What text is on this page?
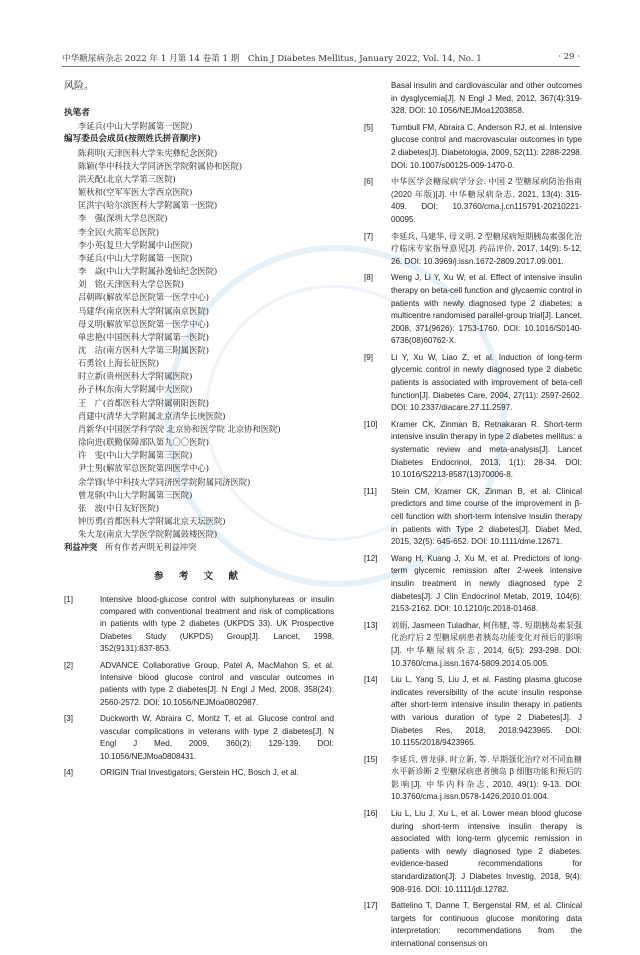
中华糖尿病杂志 2022 年 1 月第 14 卷第 1 期　Chin J Diabetes Mellitus, January 2022, Vol. 14, No. 1	· 29 ·
风险。
执笔者
李延兵(中山大学附属第一医院)
编写委员会成员(按照姓氏拼音顺序)
陈莉明(天津医科大学朱宪彝纪念医院)
陈颖(华中科技大学同济医学院附属协和医院)
洪天配(北京大学第三医院)
姬秋和(空军军医大学西京医院)
匡洪宇(哈尔滨医科大学附属第一医院)
李　强(深圳大学总医院)
李全民(火箭军总医院)
李小英(复旦大学附属中山医院)
李延兵(中山大学附属第一医院)
李　焱(中山大学附属孙逸仙纪念医院)
刘　铭(天津医科大学总医院)
吕朝晖(解放军总医院第一医学中心)
马建华(南京医科大学附属南京医院)
母义明(解放军总医院第一医学中心)
单忠艳(中国医科大学附属第一医院)
沈　洁(南方医科大学第三附属医院)
石勇铨(上海长征医院)
时立新(贵州医科大学附属医院)
孙子林(东南大学附属中大医院)
王　广(首都医科大学附属朝阳医院)
肖建中(清华大学附属北京清华长庚医院)
肖新华(中国医学科学院 北京协和医学院 北京协和医院)
徐向进(联勤保障部队第九〇〇医院)
许　雯(中山大学附属第三医院)
尹士男(解放军总医院第四医学中心)
余学锋(华中科技大学同济医学院附属同济医院)
曾龙驿(中山大学附属第三医院)
张　波(中日友好医院)
钟历勇(首都医科大学附属北京天坛医院)
朱大龙(南京大学医学院附属鼓楼医院)
利益冲突 所有作者声明无利益冲突
参 考 文 献
[1]	Intensive blood-glucose control with sulphonylureas or insulin compared with conventional treatment and risk of complications in patients with type 2 diabetes (UKPDS 33). UK Prospective Diabetes Study (UKPDS) Group[J]. Lancet, 1998, 352(9131):837-853.
[2]	ADVANCE Collaborative Group, Patel A, MacMahon S, et al. Intensive blood glucose control and vascular outcomes in patients with type 2 diabetes[J]. N Engl J Med, 2008, 358(24): 2560-2572. DOI: 10.1056/NEJMoa0802987.
[3]	Duckworth W, Abraira C, Moritz T, et al. Glucose control and vascular complications in veterans with type 2 diabetes[J]. N Engl J Med, 2009, 360(2): 129-139. DOI: 10.1056/NEJMoa0808431.
[4]	ORIGIN Trial Investigators, Gerstein HC, Bosch J, et al.
Basal insulin and cardiovascular and other outcomes in dysglycemia[J]. N Engl J Med, 2012, 367(4):319-328. DOI: 10.1056/NEJMoa1203858.
[5] Turnbull FM, Abraira C, Anderson RJ, et al. Intensive glucose control and macrovascular outcomes in type 2 diabetes[J]. Diabetologia, 2009, 52(11): 2288-2298. DOI: 10.1007/s00125-009-1470-0.
[6] 中华医学会糖尿病学分会. 中国 2 型糖尿病防治指南(2020 年版)[J]. 中华糖尿病杂志, 2021, 13(4): 315-409. DOI: 10.3760/cma.j.cn115791-20210221-00095.
[7] 李延兵, 马建华, 母义明. 2 型糖尿病短期胰岛素强化治疗临床专家指导意见[J]. 药品评价, 2017, 14(9): 5-12, 26. DOI: 10.3969/j.issn.1672-2809.2017.09.001.
[8] Weng J, Li Y, Xu W, et al. Effect of intensive insulin therapy on beta-cell function and glycaemic control in patients with newly diagnosed type 2 diabetes: a multicentre randomised parallel-group trial[J]. Lancet, 2008, 371(9626): 1753-1760. DOI: 10.1016/S0140-6736(08)60762-X.
[9] Li Y, Xu W, Liao Z, et al. Induction of long-term glycemic control in newly diagnosed type 2 diabetic patients is associated with improvement of beta-cell function[J]. Diabetes Care, 2004, 27(11): 2597-2602. DOI: 10.2337/diacare.27.11.2597.
[10] Kramer CK, Zinman B, Retnakaran R. Short-term intensive insulin therapy in type 2 diabetes mellitus: a systematic review and meta-analysis[J]. Lancet Diabetes Endocrinol, 2013, 1(1): 28-34. DOI: 10.1016/S2213-8587(13)70006-8.
[11] Stein CM, Kramer CK, Zinman B, et al. Clinical predictors and time course of the improvement in β-cell function with short-term intensive insulin therapy in patients with Type 2 diabetes[J]. Diabet Med, 2015, 32(5): 645-652. DOI: 10.1111/dme.12671.
[12] Wang H, Kuang J, Xu M, et al. Predictors of long-term glycemic remission after 2-week intensive insulin treatment in newly diagnosed type 2 diabetes[J]. J Clin Endocrinol Metab, 2019, 104(6): 2153-2162. DOI: 10.1210/jc.2018-01468.
[13] 刘娟, Jasmeen Tuladhar, 柯伟健, 等. 短期胰岛素泵强化治疗后 2 型糖尿病患者胰岛功能变化对预后的影响[J]. 中华糖尿病杂志, 2014, 6(5): 293-298. DOI: 10.3760/cma.j.issn.1674-5809.2014.05.005.
[14] Liu L, Yang S, Liu J, et al. Fasting plasma glucose indicates reversibility of the acute insulin response after short-term intensive insulin therapy in patients with various duration of type 2 Diabetes[J]. J Diabetes Res, 2018, 2018:9423965. DOI: 10.1155/2018/9423965.
[15] 李延兵, 曾龙驿, 时立新, 等. 早期强化治疗对不同血糖水平新诊断 2 型糖尿病患者胰岛 β 细胞功能和预后的影响[J]. 中华内科杂志, 2010, 49(1): 9-13. DOI: 10.3760/cma.j.issn.0578-1426.2010.01.004.
[16] Liu L, Liu J, Xu L, et al. Lower mean blood glucose during short-term intensive insulin therapy is associated with long-term glycemic remission in patients with newly diagnosed type 2 diabetes: evidence-based recommendations for standardization[J]. J Diabetes Investig, 2018, 9(4): 908-916. DOI: 10.1111/jdi.12782.
[17] Battelino T, Danne T, Bergenstal RM, et al. Clinical targets for continuous glucose monitoring data interpretation: recommendations from the international consensus on
